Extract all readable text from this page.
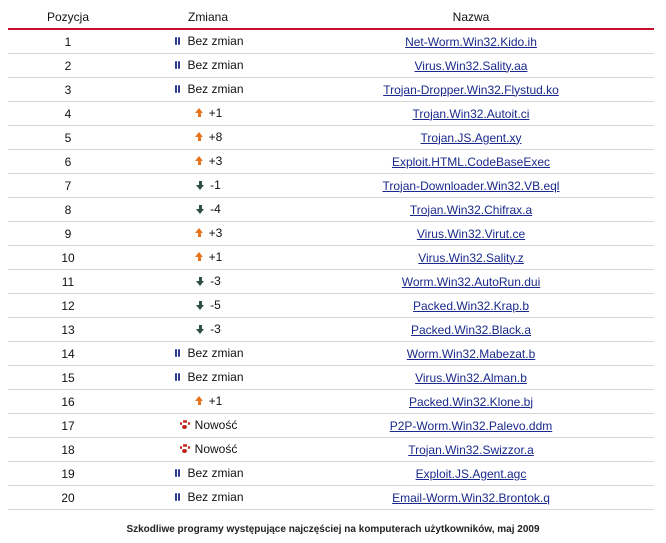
Pozycja	Zmiana	Nazwa
1	Bez zmian	Net-Worm.Win32.Kido.ih
2	Bez zmian	Virus.Win32.Sality.aa
3	Bez zmian	Trojan-Dropper.Win32.Flystud.ko
4	+1	Trojan.Win32.Autoit.ci
5	+8	Trojan.JS.Agent.xy
6	+3	Exploit.HTML.CodeBaseExec
7	-1	Trojan-Downloader.Win32.VB.eql
8	-4	Trojan.Win32.Chifrax.a
9	+3	Virus.Win32.Virut.ce
10	+1	Virus.Win32.Sality.z
11	-3	Worm.Win32.AutoRun.dui
12	-5	Packed.Win32.Krap.b
13	-3	Packed.Win32.Black.a
14	Bez zmian	Worm.Win32.Mabezat.b
15	Bez zmian	Virus.Win32.Alman.b
16	+1	Packed.Win32.Klone.bj
17	Nowość	P2P-Worm.Win32.Palevo.ddm
18	Nowość	Trojan.Win32.Swizzor.a
19	Bez zmian	Exploit.JS.Agent.agc
20	Bez zmian	Email-Worm.Win32.Brontok.q
Szkodliwe programy występujące najczęściej na komputerach użytkowników, maj 2009
